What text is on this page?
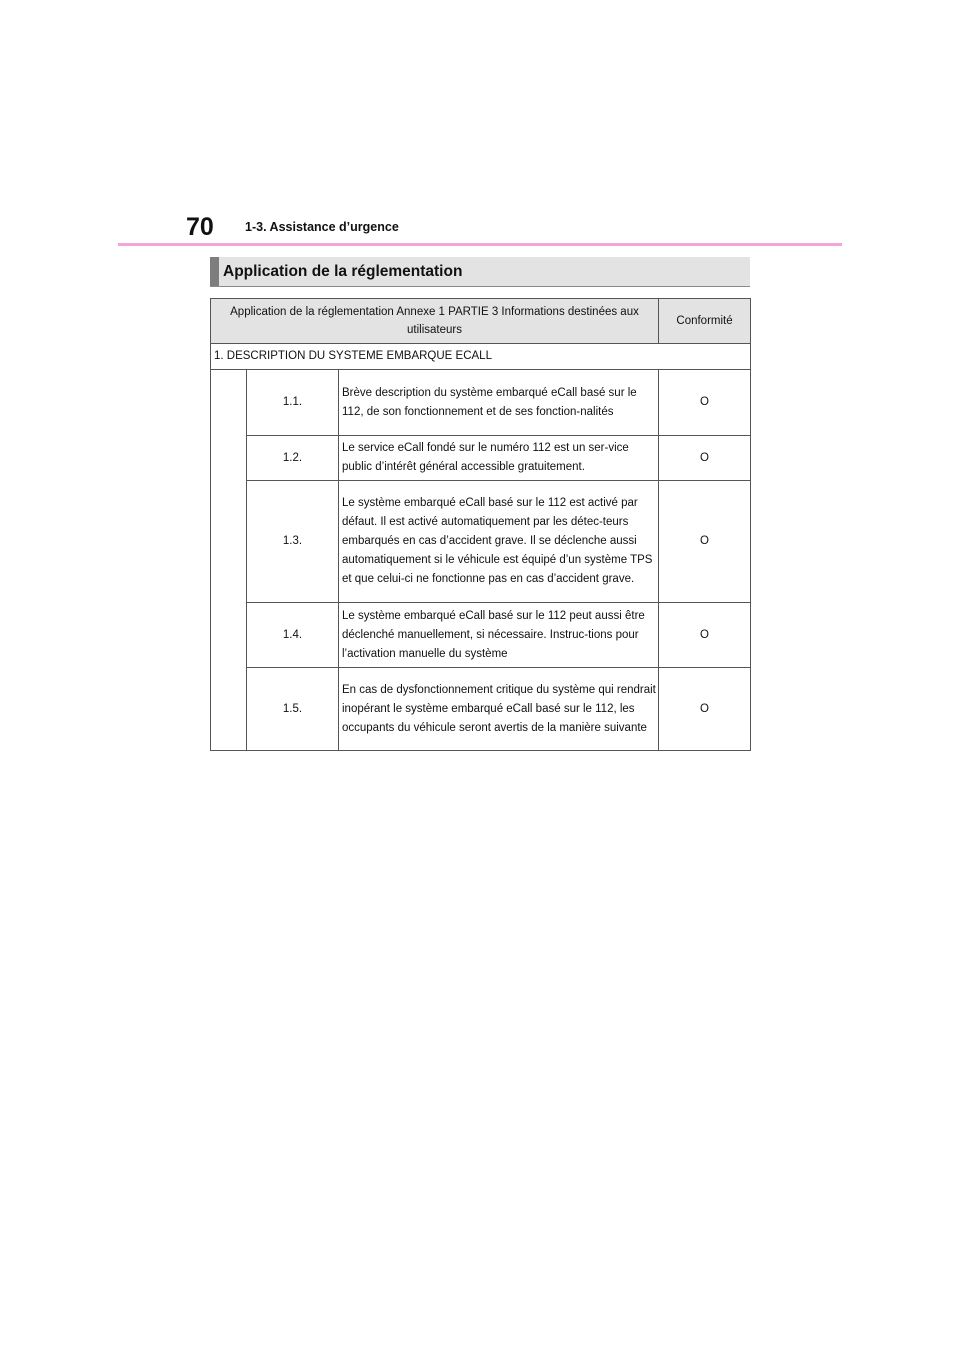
70 1-3. Assistance d’urgence
Application de la réglementation
Application de la réglementation Annexe 1 PARTIE 3 Informations destinées aux utilisateurs			Conformité
1. DESCRIPTION DU SYSTEME EMBARQUE ECALL			
	1.1.	Brève description du système embarqué eCall basé sur le 112, de son fonctionnement et de ses fonction-nalités	O
	1.2.	Le service eCall fondé sur le numéro 112 est un ser-vice public d’intérêt général accessible gratuitement.	O
	1.3.	Le système embarqué eCall basé sur le 112 est activé par défaut. Il est activé automatiquement par les détec-teurs embarqués en cas d’accident grave. Il se déclenche aussi automatiquement si le véhicule est équipé d’un système TPS et que celui-ci ne fonctionne pas en cas d’accident grave.	O
	1.4.	Le système embarqué eCall basé sur le 112 peut aussi être déclenché manuellement, si nécessaire. Instruc-tions pour l’activation manuelle du système	O
	1.5.	En cas de dysfonctionnement critique du système qui rendrait inopérant le système embarqué eCall basé sur le 112, les occupants du véhicule seront avertis de la manière suivante	O
